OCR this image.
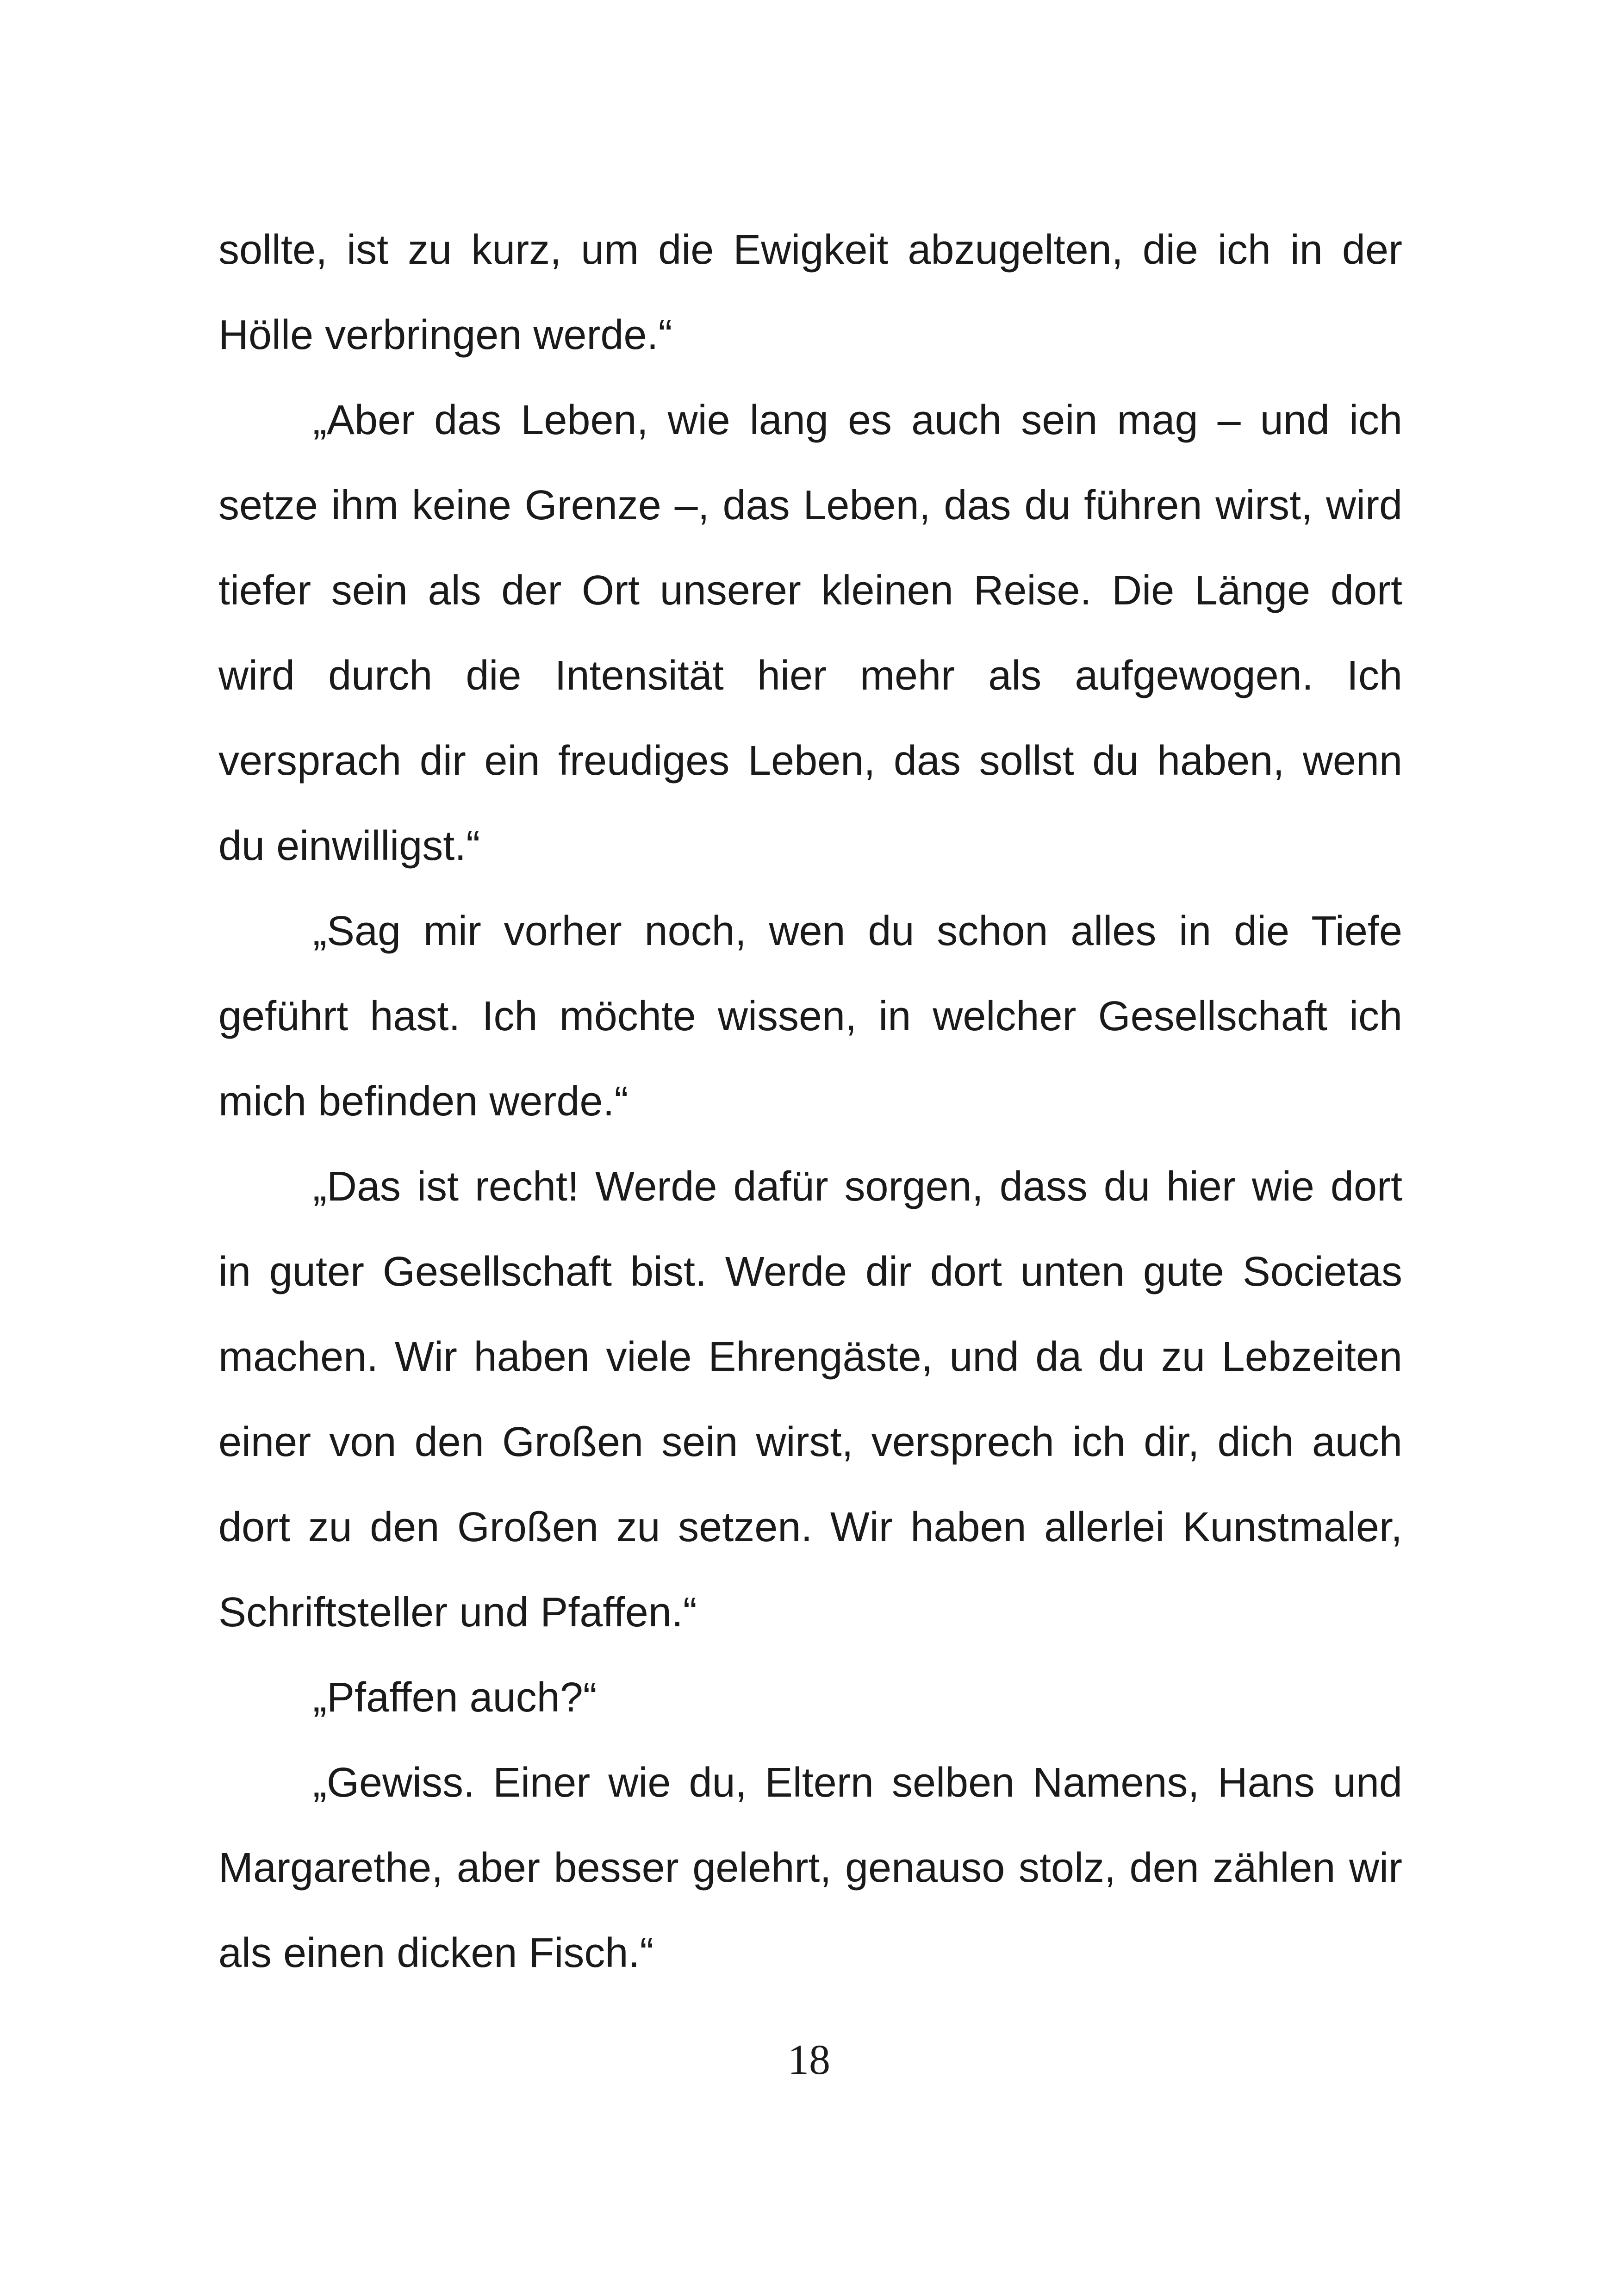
sollte, ist zu kurz, um die Ewigkeit abzugelten, die ich in der
Hölle verbringen werde.“
„Aber das Leben, wie lang es auch sein mag – und ich
setze ihm keine Grenze –, das Leben, das du führen wirst, wird
tiefer sein als der Ort unserer kleinen Reise. Die Länge dort
wird durch die Intensität hier mehr als aufgewogen. Ich
versprach dir ein freudiges Leben, das sollst du haben, wenn
du einwilligst.“
„Sag mir vorher noch, wen du schon alles in die Tiefe
geführt hast. Ich möchte wissen, in welcher Gesellschaft ich
mich befinden werde.“
„Das ist recht! Werde dafür sorgen, dass du hier wie dort
in guter Gesellschaft bist. Werde dir dort unten gute Societas
machen. Wir haben viele Ehrengäste, und da du zu Lebzeiten
einer von den Großen sein wirst, versprech ich dir, dich auch
dort zu den Großen zu setzen. Wir haben allerlei Kunstmaler,
Schriftsteller und Pfaffen.“
„Pfaffen auch?“
„Gewiss. Einer wie du, Eltern selben Namens, Hans und
Margarethe, aber besser gelehrt, genauso stolz, den zählen wir
als einen dicken Fisch.“
18
